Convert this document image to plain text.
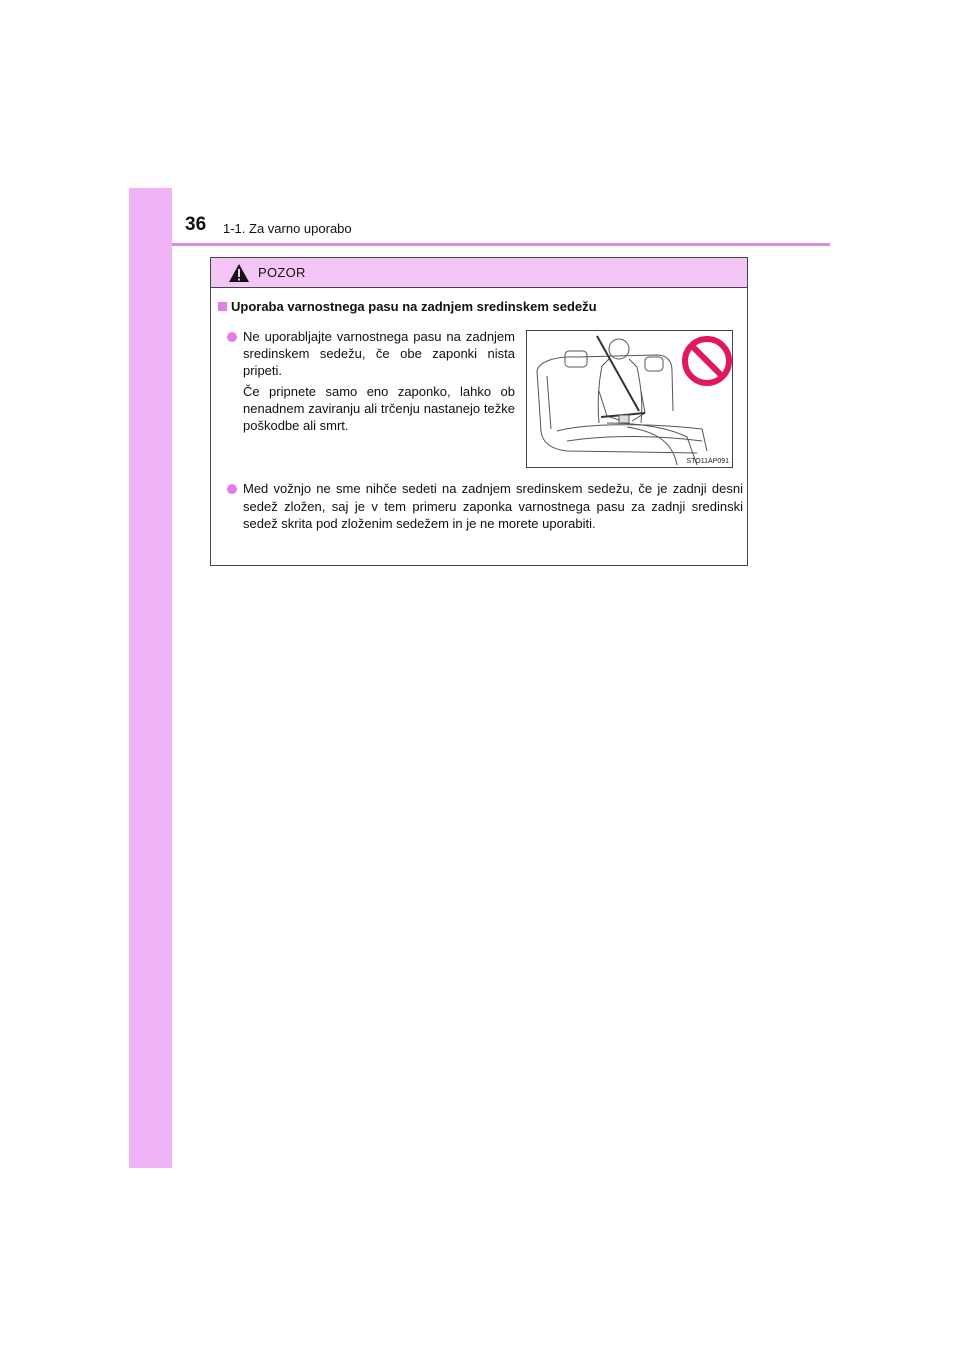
36 1-1. Za varno uporabo
POZOR
Uporaba varnostnega pasu na zadnjem sredinskem sedežu

Ne uporabljajte varnostnega pasu na zadnjem sredinskem sedežu, če obe zaponki nista pripeti.

Če pripnete samo eno zaponko, lahko ob nenadnem zaviranju ali trčenju nastanejo težke poškodbe ali smrt.

STO11AP091
Med vožnjo ne sme nihče sedeti na zadnjem sredinskem sedežu, če je zadnji desni sedež zložen, saj je v tem primeru zaponka varnostnega pasu za zadnji sredinski sedež skrita pod zloženim sedežem in je ne morete uporabiti.
